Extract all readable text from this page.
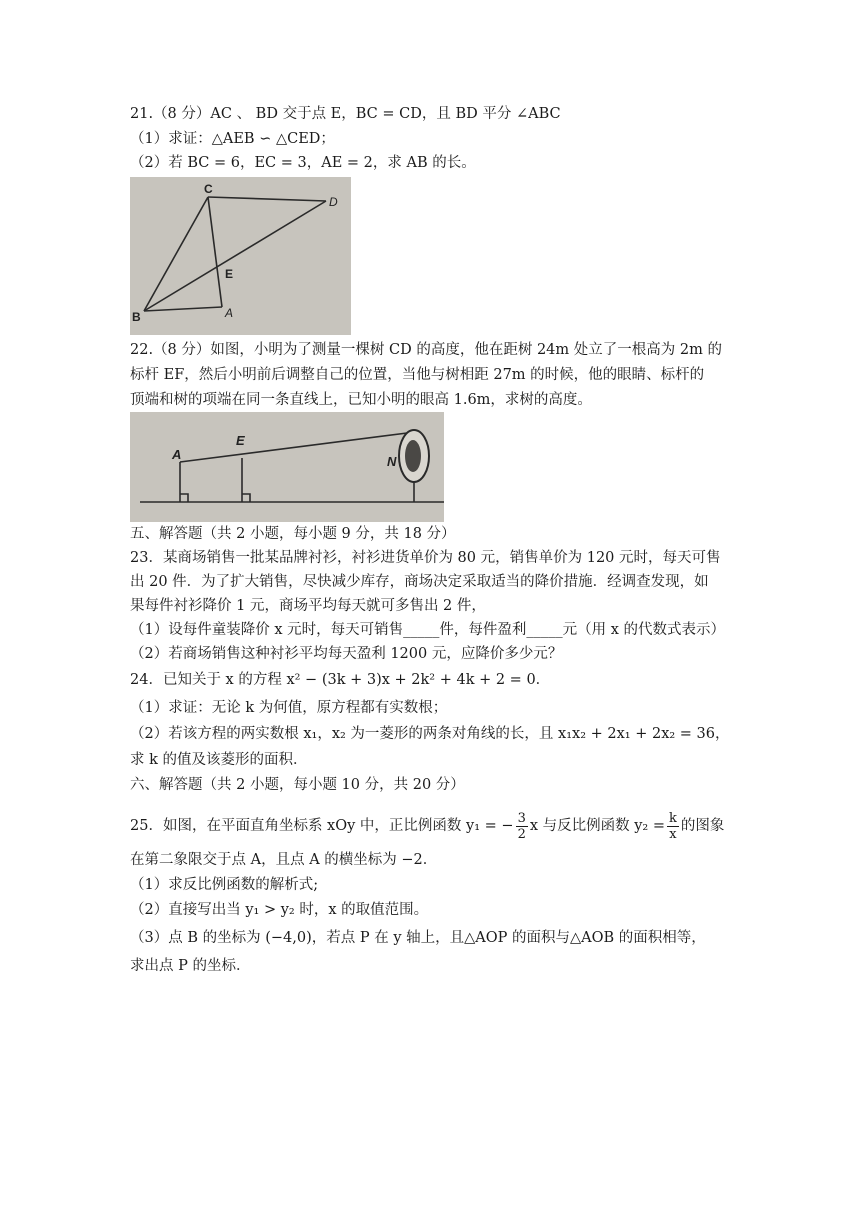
21.（8 分）AC 、 BD 交于点 E，BC = CD，且 BD 平分 ∠ABC
（1）求证：△AEB ∽ △CED；
（2）若 BC = 6，EC = 3，AE = 2，求 AB 的长。
C
D
E
B	A
22.（8 分）如图，小明为了测量一棵树 CD 的高度，他在距树 24m 处立了一根高为 2m 的
标杆 EF，然后小明前后调整自己的位置，当他与树相距 27m 的时候，他的眼睛、标杆的
顶端和树的项端在同一条直线上，已知小明的眼高 1.6m，求树的高度。
A
E
N
五、解答题（共 2 小题，每小题 9 分，共 18 分）
23．某商场销售一批某品牌衬衫，衬衫进货单价为 80 元，销售单价为 120 元时，每天可售
出 20 件．为了扩大销售，尽快减少库存，商场决定采取适当的降价措施．经调查发现，如
果每件衬衫降价 1 元，商场平均每天就可多售出 2 件，
（1）设每件童装降价 x 元时，每天可销售_____件，每件盈利_____元（用 x 的代数式表示）
（2）若商场销售这种衬衫平均每天盈利 1200 元，应降价多少元？
24．已知关于 x 的方程 x² − (3k + 3)x + 2k² + 4k + 2 = 0．
（1）求证：无论 k 为何值，原方程都有实数根；
（2）若该方程的两实数根 x₁，x₂ 为一菱形的两条对角线的长，且 x₁x₂ + 2x₁ + 2x₂ = 36，
求 k 的值及该菱形的面积．
六、解答题（共 2 小题，每小题 10 分，共 20 分）
25．如图，在平面直角坐标系 xOy 中，正比例函数 y₁ = − $\frac{3}{2}$ x 与反比例函数 $y_2 = \frac{k}{x}$ 的图象
在第二象限交于点 A，且点 A 的横坐标为 −2．
（1）求反比例函数的解析式;
（2）直接写出当 y₁ > y₂ 时，x 的取值范围。
（3）点 B 的坐标为 (−4,0)，若点 P 在 y 轴上，且△AOP 的面积与△AOB 的面积相等，
求出点 P 的坐标．
